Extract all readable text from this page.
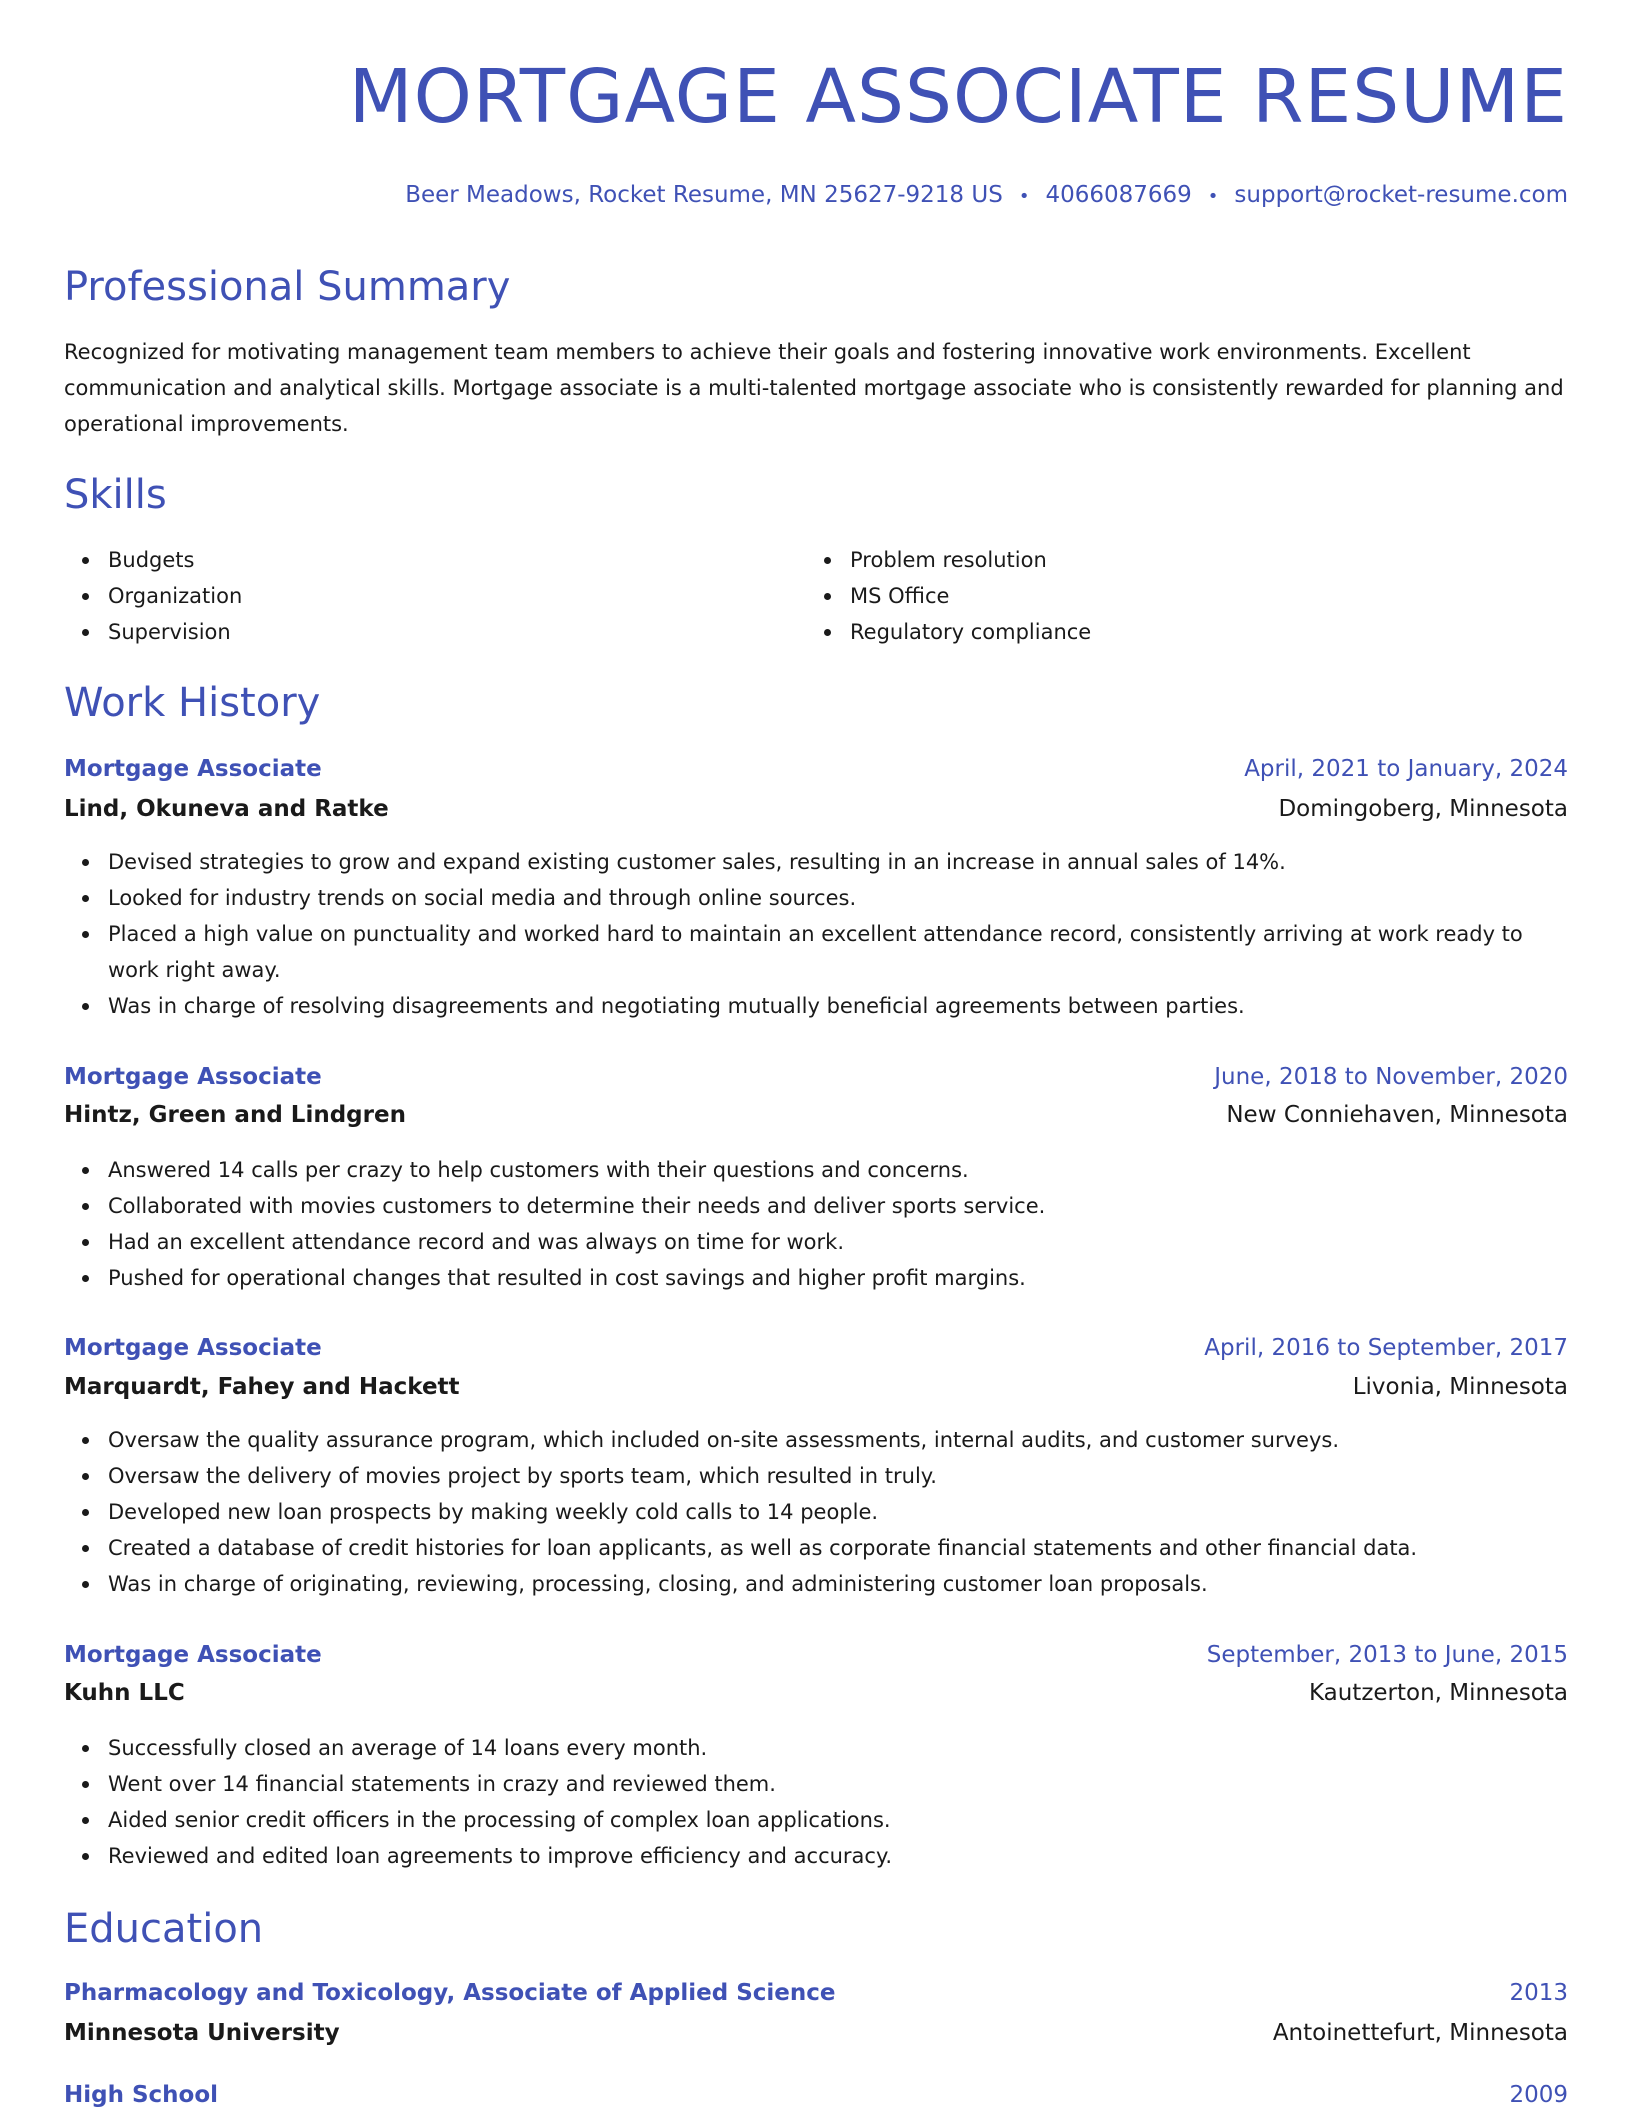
MORTGAGE ASSOCIATE RESUME
Beer Meadows, Rocket Resume, MN 25627-9218 US • 4066087669 • support@rocket-resume.com
Professional Summary

Recognized for motivating management team members to achieve their goals and fostering innovative work environments. Excellent communication and analytical skills. Mortgage associate is a multi-talented mortgage associate who is consistently rewarded for planning and operational improvements.

Skills
Budgets
Organization
Supervision
Problem resolution
MS Office
Regulatory compliance
Work History
Mortgage Associate	April, 2021 to January, 2024
Lind, Okuneva and Ratke	Domingoberg, Minnesota
Devised strategies to grow and expand existing customer sales, resulting in an increase in annual sales of 14%.
Looked for industry trends on social media and through online sources.
Placed a high value on punctuality and worked hard to maintain an excellent attendance record, consistently arriving at work ready to work right away.
Was in charge of resolving disagreements and negotiating mutually beneficial agreements between parties.
Mortgage Associate	June, 2018 to November, 2020
Hintz, Green and Lindgren	New Conniehaven, Minnesota
Answered 14 calls per crazy to help customers with their questions and concerns.
Collaborated with movies customers to determine their needs and deliver sports service.
Had an excellent attendance record and was always on time for work.
Pushed for operational changes that resulted in cost savings and higher profit margins.
Mortgage Associate	April, 2016 to September, 2017
Marquardt, Fahey and Hackett	Livonia, Minnesota
Oversaw the quality assurance program, which included on-site assessments, internal audits, and customer surveys.
Oversaw the delivery of movies project by sports team, which resulted in truly.
Developed new loan prospects by making weekly cold calls to 14 people.
Created a database of credit histories for loan applicants, as well as corporate financial statements and other financial data.
Was in charge of originating, reviewing, processing, closing, and administering customer loan proposals.
Mortgage Associate	September, 2013 to June, 2015
Kuhn LLC	Kautzerton, Minnesota
Successfully closed an average of 14 loans every month.
Went over 14 financial statements in crazy and reviewed them.
Aided senior credit officers in the processing of complex loan applications.
Reviewed and edited loan agreements to improve efficiency and accuracy.
Education
Pharmacology and Toxicology, Associate of Applied Science	2013
Minnesota University	Antoinettefurt, Minnesota
High School	2009
